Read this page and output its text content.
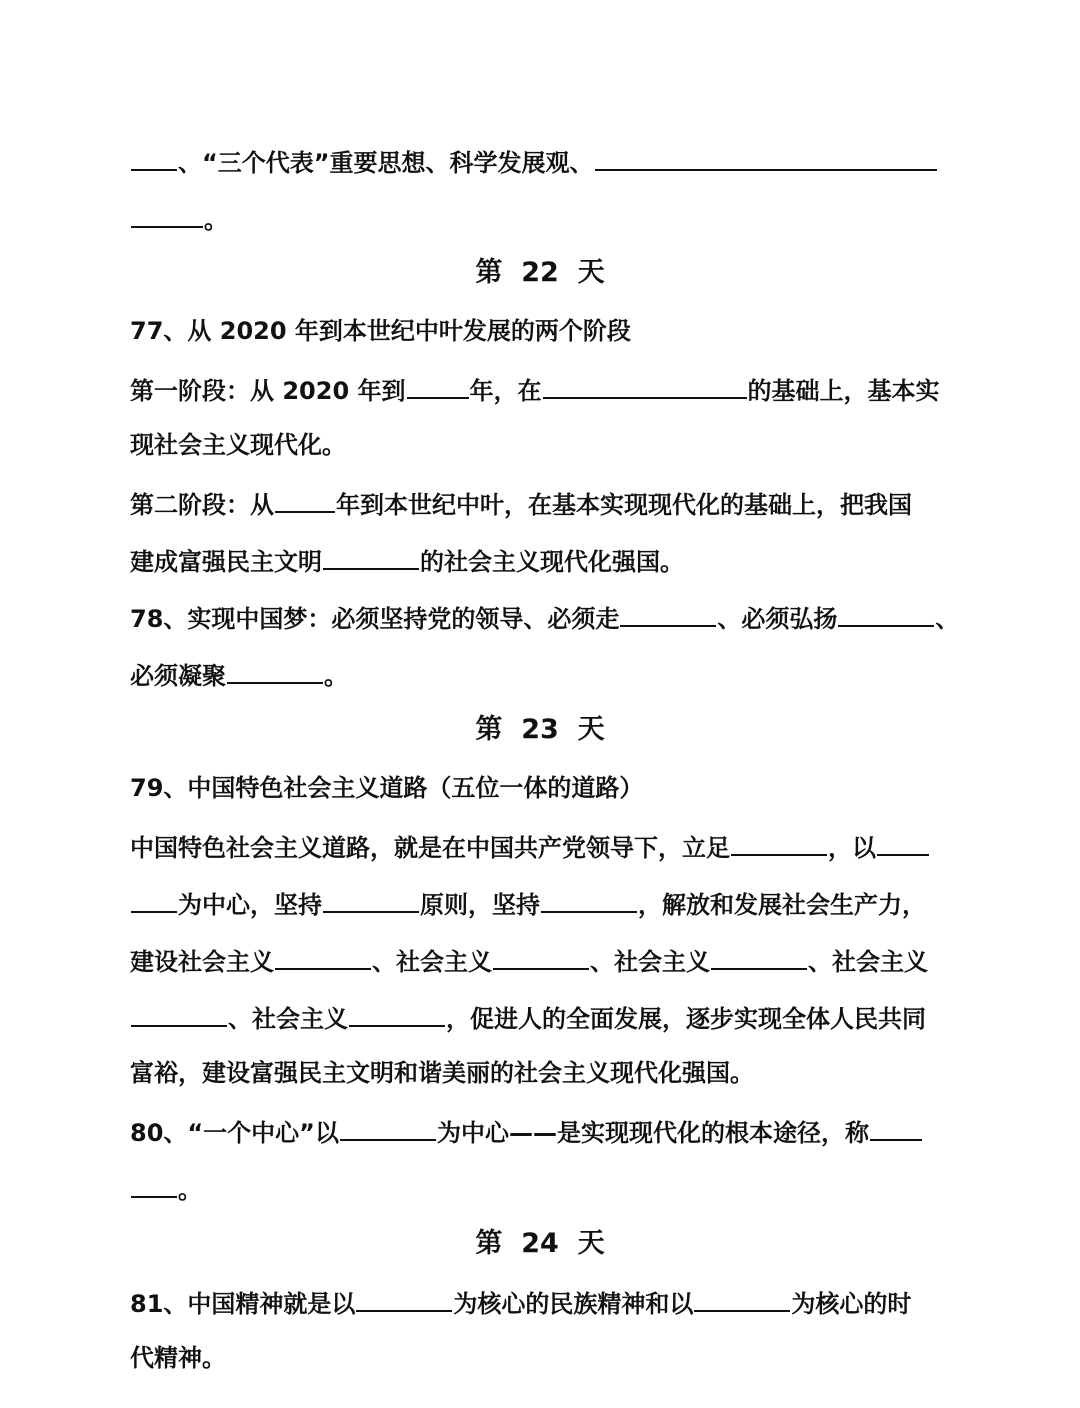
、“三个代表”重要思想、科学发展观、
。
第  22  天
77、从 2020 年到本世纪中叶发展的两个阶段
第一阶段：从 2020 年到	年，在	的基础上，基本实
现社会主义现代化。
第二阶段：从	年到本世纪中叶，在基本实现现代化的基础上，把我国
建成富强民主文明	的社会主义现代化强国。
78、实现中国梦：必须坚持党的领导、必须走	、必须弘扬	、
必须凝聚	。
第  23  天
79、中国特色社会主义道路（五位一体的道路）
中国特色社会主义道路，就是在中国共产党领导下，立足	，以
为中心，坚持	原则，坚持	，解放和发展社会生产力，
建设社会主义	、社会主义	、社会主义	、社会主义
、社会主义	，促进人的全面发展，逐步实现全体人民共同
富裕，建设富强民主文明和谐美丽的社会主义现代化强国。
80、“一个中心”以	为中心——是实现现代化的根本途径，称
。
第  24  天
81、中国精神就是以	为核心的民族精神和以	为核心的时
代精神。
